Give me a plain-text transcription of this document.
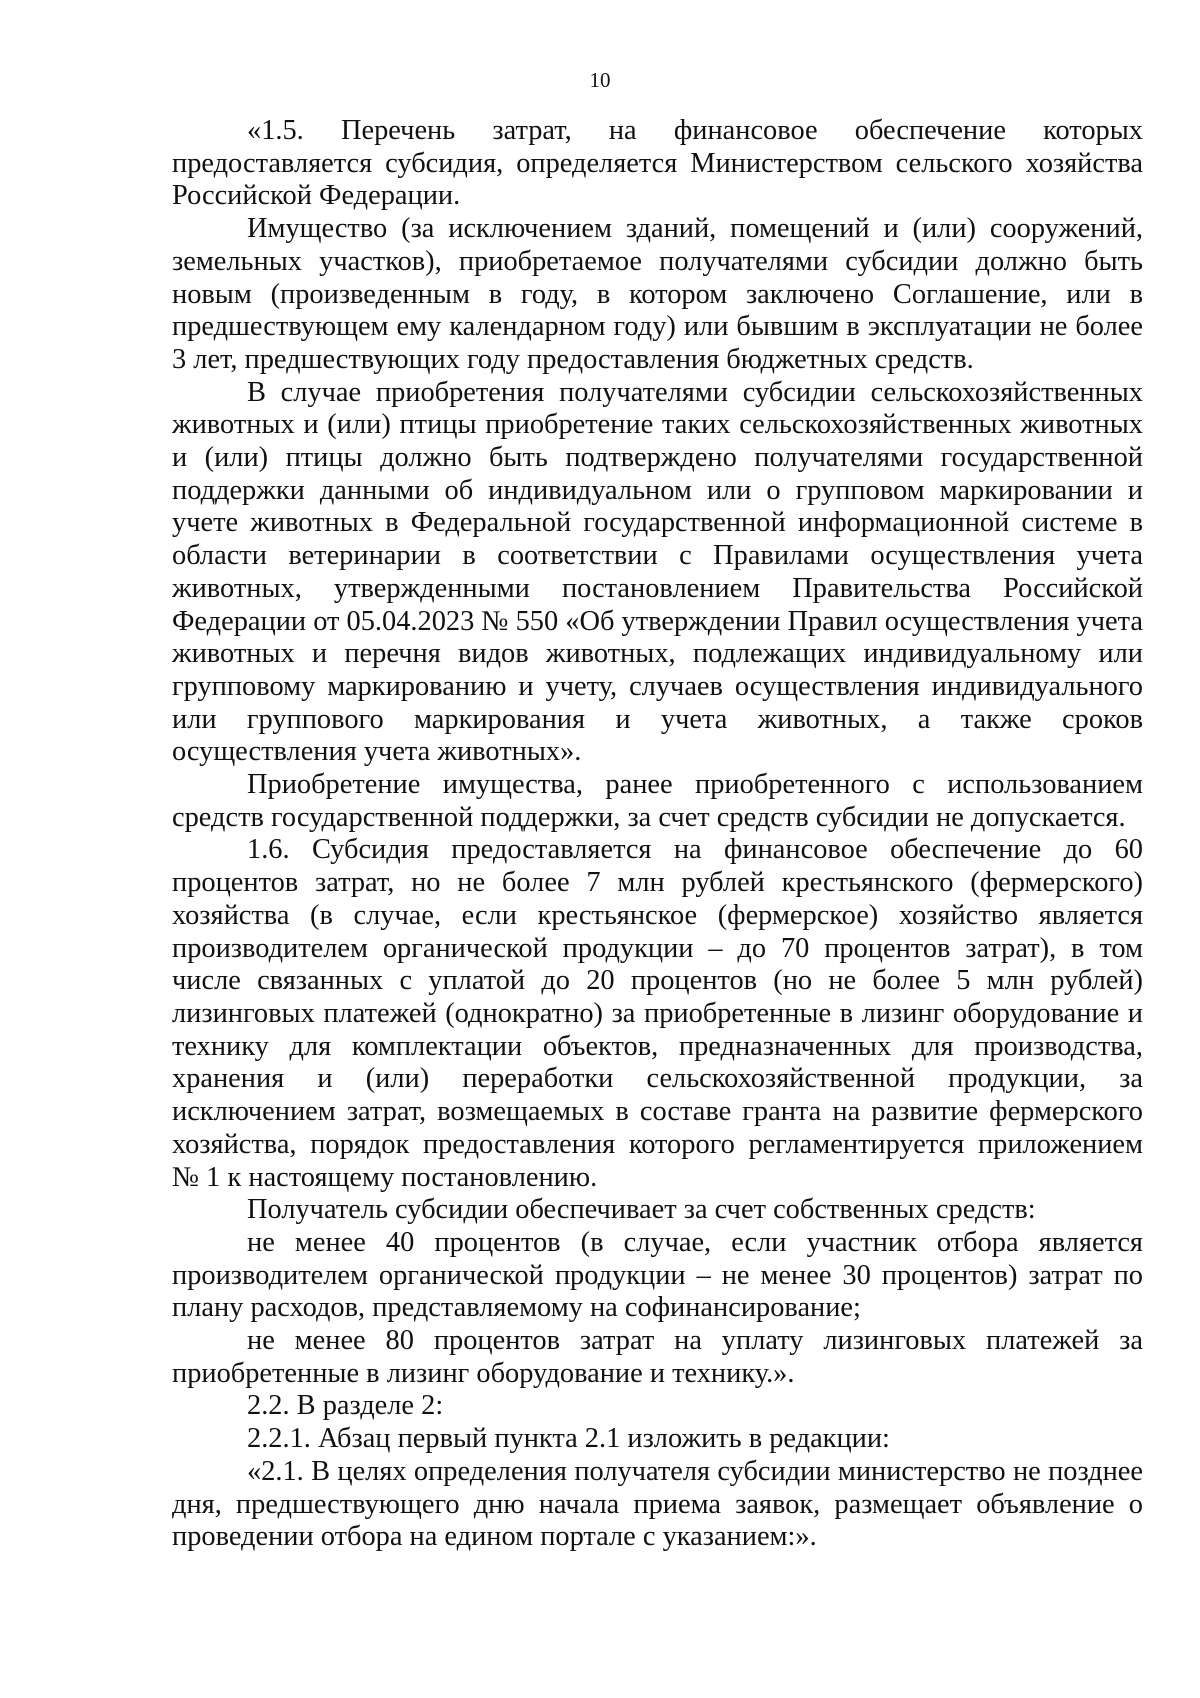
10

«1.5. Перечень затрат, на финансовое обеспечение которых предоставляется субсидия, определяется Министерством сельского хозяйства Российской Федерации.

Имущество (за исключением зданий, помещений и (или) сооружений, земельных участков), приобретаемое получателями субсидии должно быть новым (произведенным в году, в котором заключено Соглашение, или в предшествующем ему календарном году) или бывшим в эксплуатации не более 3 лет, предшествующих году предоставления бюджетных средств.

В случае приобретения получателями субсидии сельскохозяйственных животных и (или) птицы приобретение таких сельскохозяйственных животных и (или) птицы должно быть подтверждено получателями государственной поддержки данными об индивидуальном или о групповом маркировании и учете животных в Федеральной государственной информационной системе в области ветеринарии в соответствии с Правилами осуществления учета животных, утвержденными постановлением Правительства Российской Федерации от 05.04.2023 № 550 «Об утверждении Правил осуществления учета животных и перечня видов животных, подлежащих индивидуальному или групповому маркированию и учету, случаев осуществления индивидуального или группового маркирования и учета животных, а также сроков осуществления учета животных».

Приобретение имущества, ранее приобретенного с использованием средств государственной поддержки, за счет средств субсидии не допускается.

1.6. Субсидия предоставляется на финансовое обеспечение до 60 процентов затрат, но не более 7 млн рублей крестьянского (фермерского) хозяйства (в случае, если крестьянское (фермерское) хозяйство является производителем органической продукции – до 70 процентов затрат), в том числе связанных с уплатой до 20 процентов (но не более 5 млн рублей) лизинговых платежей (однократно) за приобретенные в лизинг оборудование и технику для комплектации объектов, предназначенных для производства, хранения и (или) переработки сельскохозяйственной продукции, за исключением затрат, возмещаемых в составе гранта на развитие фермерского хозяйства, порядок предоставления которого регламентируется приложением № 1 к настоящему постановлению.

Получатель субсидии обеспечивает за счет собственных средств:

не менее 40 процентов (в случае, если участник отбора является производителем органической продукции – не менее 30 процентов) затрат по плану расходов, представляемому на софинансирование;

не менее 80 процентов затрат на уплату лизинговых платежей за приобретенные в лизинг оборудование и технику.».

2.2. В разделе 2:

2.2.1. Абзац первый пункта 2.1 изложить в редакции:

«2.1. В целях определения получателя субсидии министерство не позднее дня, предшествующего дню начала приема заявок, размещает объявление о проведении отбора на едином портале с указанием:».
